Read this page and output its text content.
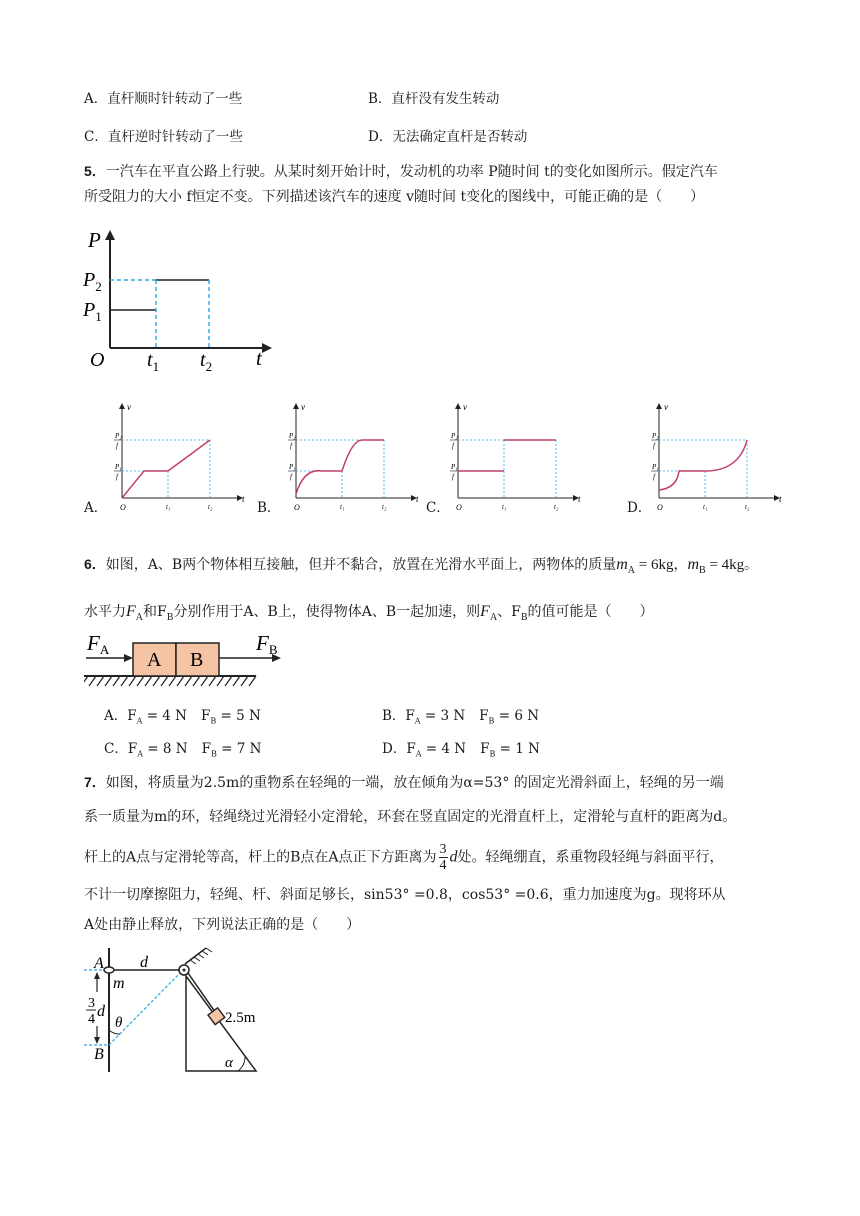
A．直杆顺时针转动了一些	B．直杆没有发生转动
C．直杆逆时针转动了一些	D．无法确定直杆是否转动
5．一汽车在平直公路上行驶。从某时刻开始计时，发动机的功率 P随时间 t的变化如图所示。假定汽车
所受阻力的大小 f恒定不变。下列描述该汽车的速度 v随时间 t变化的图线中，可能正确的是（　　）
P
t
O
$P_2$
$P_1$
$t_1$ $t_2$
A．
v
t
O
P₂
f
P₁
f
t₁	t₂	B．
v
t
O
P₂
f
P₁
f
t₁	t₂	C．
v
t
O
P₂
f
P₁
f
t₁	t₂	D．
v
t
O
P₂
f
P₁
f
t₁	t₂
6．如图，A、B两个物体相互接触，但并不黏合，放置在光滑水平面上，两物体的质量$m_A = 6kg$，$m_B = 4kg$。
水平力$F_A$和$F_B$分别作用于A、B上，使得物体A、B一起加速，则$F_A$、$F_B$的值可能是（　　）
A B
FA	FB
A．$F_A = 4$ N $F_B = 5$ N	B．$F_A = 3$ N $F_B = 6$ N
C．$F_A = 8$ N $F_B = 7$ N	D．$F_A = 4$ N $F_B = 1$ N
7．如图，将质量为2.5m的重物系在轻绳的一端，放在倾角为α=53° 的固定光滑斜面上，轻绳的另一端
系一质量为m的环，轻绳绕过光滑轻小定滑轮，环套在竖直固定的光滑直杆上，定滑轮与直杆的距离为d。
杆上的A点与定滑轮等高，杆上的B点在A点正下方距离为 $\frac{3}{4}$ d处。轻绳绷直，系重物段轻绳与斜面平行，
不计一切摩擦阻力，轻绳、杆、斜面足够长，sin53° =0.8，cos53° =0.6，重力加速度为g。现将环从
A处由静止释放，下列说法正确的是（　　）
A
B
d
m
3
4 d
θ
α
2.5m
